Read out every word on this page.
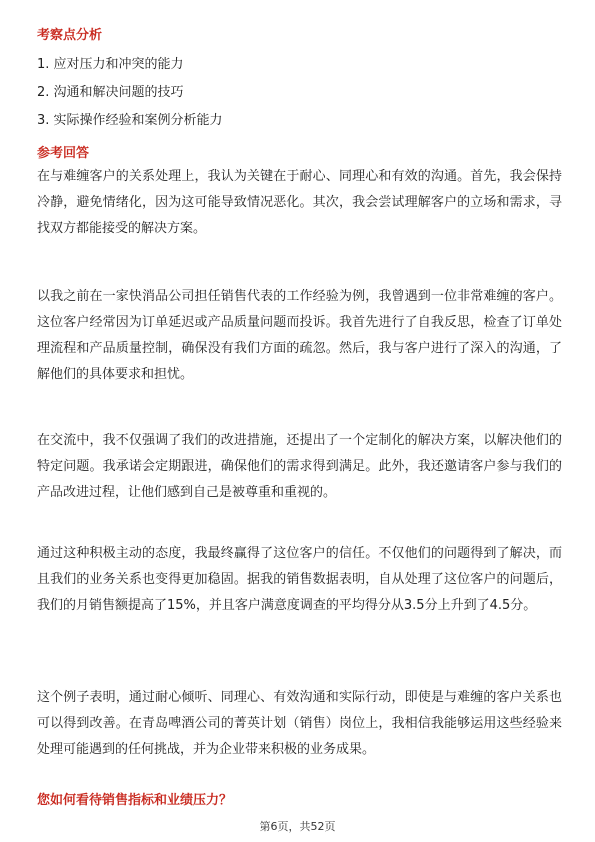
考察点分析
1. 应对压力和冲突的能力
2. 沟通和解决问题的技巧
3. 实际操作经验和案例分析能力
参考回答
在与难缠客户的关系处理上，我认为关键在于耐心、同理心和有效的沟通。首先，我会保持冷静，避免情绪化，因为这可能导致情况恶化。其次，我会尝试理解客户的立场和需求，寻找双方都能接受的解决方案。
以我之前在一家快消品公司担任销售代表的工作经验为例，我曾遇到一位非常难缠的客户。这位客户经常因为订单延迟或产品质量问题而投诉。我首先进行了自我反思，检查了订单处理流程和产品质量控制，确保没有我们方面的疏忽。然后，我与客户进行了深入的沟通，了解他们的具体要求和担忧。
在交流中，我不仅强调了我们的改进措施，还提出了一个定制化的解决方案，以解决他们的特定问题。我承诺会定期跟进，确保他们的需求得到满足。此外，我还邀请客户参与我们的产品改进过程，让他们感到自己是被尊重和重视的。
通过这种积极主动的态度，我最终赢得了这位客户的信任。不仅他们的问题得到了解决，而且我们的业务关系也变得更加稳固。据我的销售数据表明，自从处理了这位客户的问题后，我们的月销售额提高了15%，并且客户满意度调查的平均得分从3.5分上升到了4.5分。
这个例子表明，通过耐心倾听、同理心、有效沟通和实际行动，即使是与难缠的客户关系也可以得到改善。在青岛啤酒公司的菁英计划（销售）岗位上，我相信我能够运用这些经验来处理可能遇到的任何挑战，并为企业带来积极的业务成果。
您如何看待销售指标和业绩压力？
第6页，共52页
